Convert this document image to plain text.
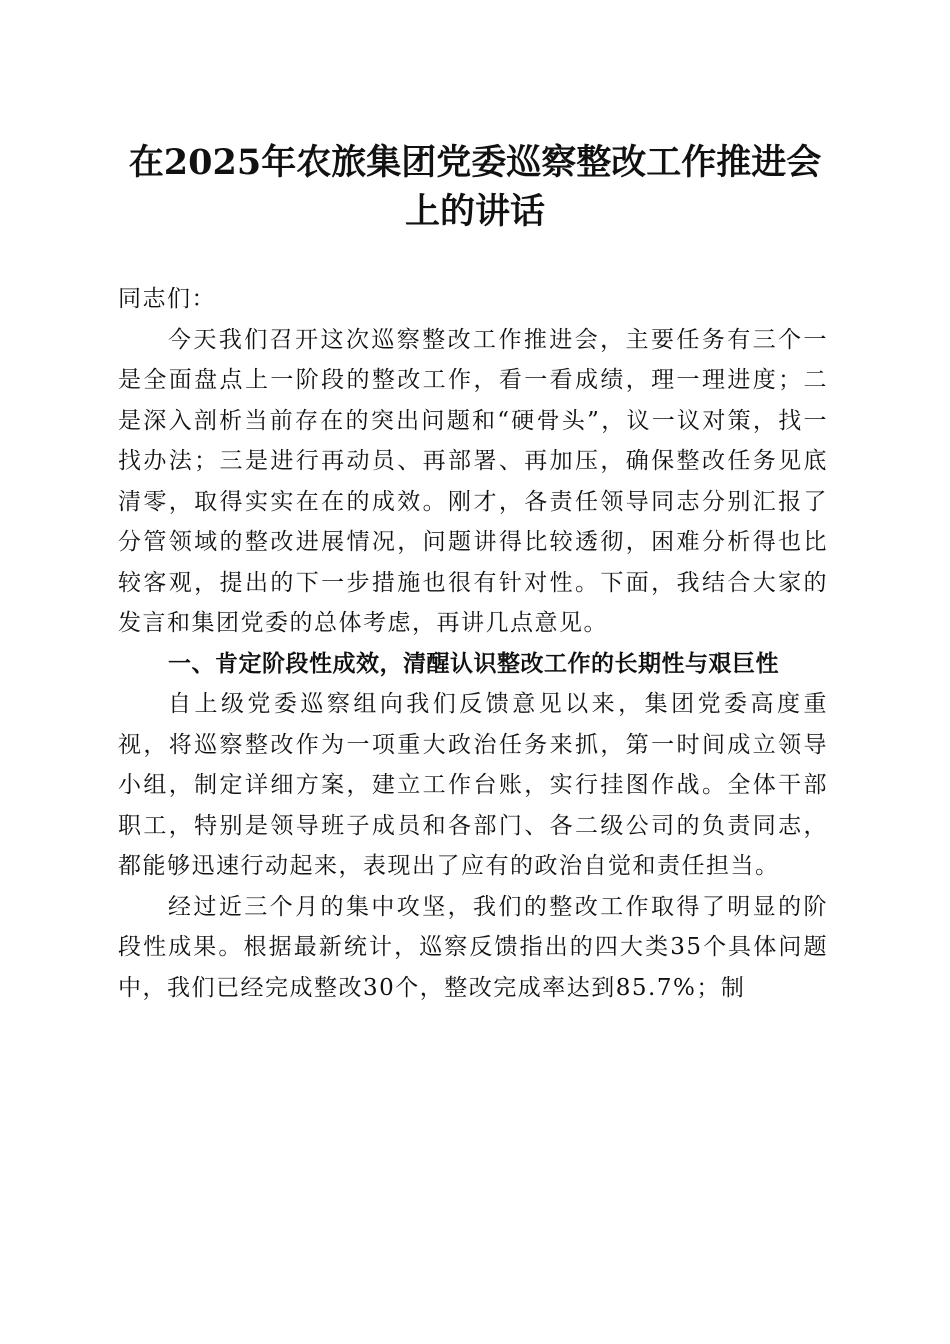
在2025年农旅集团党委巡察整改工作推进会
上的讲话

同志们：

今天我们召开这次巡察整改工作推进会，主要任务有三个一是全面盘点上一阶段的整改工作，看一看成绩，理一理进度；二是深入剖析当前存在的突出问题和“硬骨头”，议一议对策，找一找办法；三是进行再动员、再部署、再加压，确保整改任务见底清零，取得实实在在的成效。刚才，各责任领导同志分别汇报了分管领域的整改进展情况，问题讲得比较透彻，困难分析得也比较客观，提出的下一步措施也很有针对性。下面，我结合大家的发言和集团党委的总体考虑，再讲几点意见。

一、肯定阶段性成效，清醒认识整改工作的长期性与艰巨性

自上级党委巡察组向我们反馈意见以来，集团党委高度重视，将巡察整改作为一项重大政治任务来抓，第一时间成立领导小组，制定详细方案，建立工作台账，实行挂图作战。全体干部职工，特别是领导班子成员和各部门、各二级公司的负责同志，都能够迅速行动起来，表现出了应有的政治自觉和责任担当。

经过近三个月的集中攻坚，我们的整改工作取得了明显的阶段性成果。根据最新统计，巡察反馈指出的四大类35个具体问题中，我们已经完成整改30个，整改完成率达到85.7%；制
